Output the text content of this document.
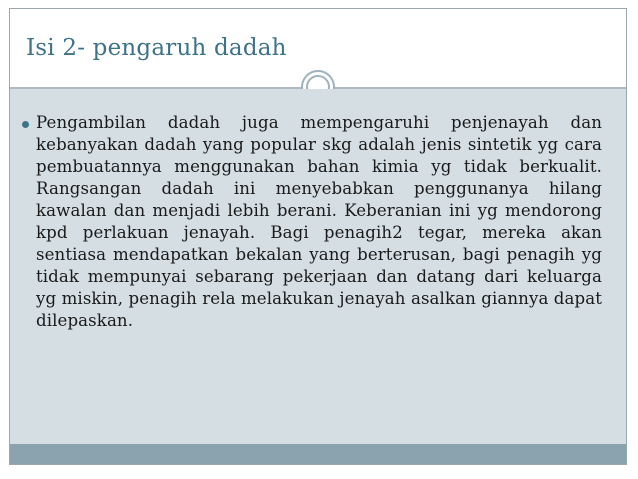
Isi 2- pengaruh dadah

Pengambilan dadah juga mempengaruhi penjenayah dan kebanyakan dadah yang popular skg adalah jenis sintetik yg cara pembuatannya menggunakan bahan kimia yg tidak berkualit. Rangsangan dadah ini menyebabkan penggunanya hilang kawalan dan menjadi lebih berani. Keberanian ini yg mendorong kpd perlakuan jenayah. Bagi penagih2 tegar, mereka akan sentiasa mendapatkan bekalan yang berterusan, bagi penagih yg tidak mempunyai sebarang pekerjaan dan datang dari keluarga yg miskin, penagih rela melakukan jenayah asalkan giannya dapat dilepaskan.
